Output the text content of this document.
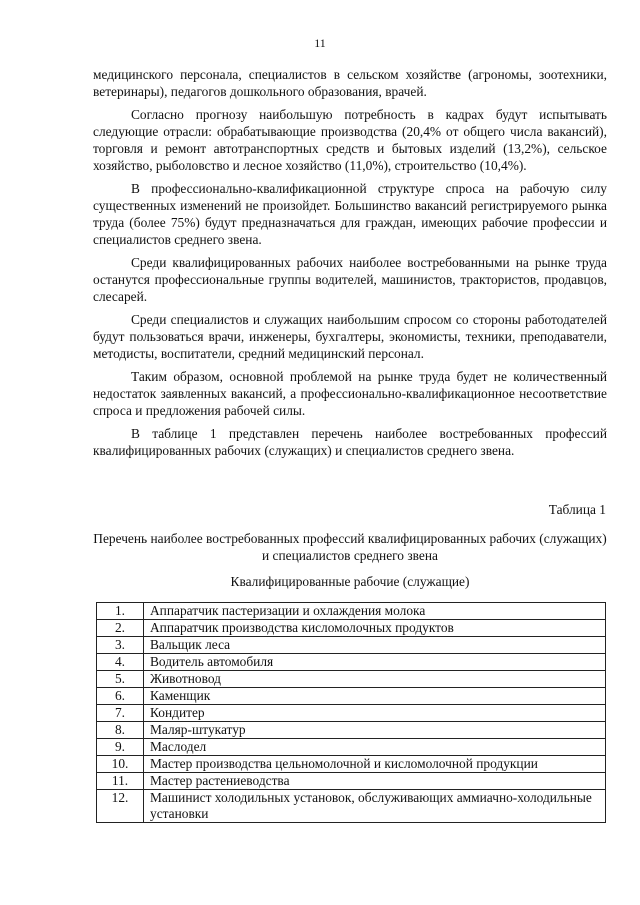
11

медицинского персонала, специалистов в сельском хозяйстве (агрономы, зоотехники, ветеринары), педагогов дошкольного образования, врачей.

Согласно прогнозу наибольшую потребность в кадрах будут испытывать следующие отрасли: обрабатывающие производства (20,4% от общего числа вакансий), торговля и ремонт автотранспортных средств и бытовых изделий (13,2%), сельское хозяйство, рыболовство и лесное хозяйство (11,0%), строительство (10,4%).

В профессионально-квалификационной структуре спроса на рабочую силу существенных изменений не произойдет. Большинство вакансий регистрируемого рынка труда (более 75%) будут предназначаться для граждан, имеющих рабочие профессии и специалистов среднего звена.

Среди квалифицированных рабочих наиболее востребованными на рынке труда останутся профессиональные группы водителей, машинистов, трактористов, продавцов, слесарей.

Среди специалистов и служащих наибольшим спросом со стороны работодателей будут пользоваться врачи, инженеры, бухгалтеры, экономисты, техники, преподаватели, методисты, воспитатели, средний медицинский персонал.

Таким образом, основной проблемой на рынке труда будет не количественный недостаток заявленных вакансий, а профессионально-квалификационное несоответствие спроса и предложения рабочей силы.

В таблице 1 представлен перечень наиболее востребованных профессий квалифицированных рабочих (служащих) и специалистов среднего звена.

Таблица 1
Перечень наиболее востребованных профессий квалифицированных рабочих (служащих) и специалистов среднего звена
Квалифицированные рабочие (служащие)
1.	Аппаратчик пастеризации и охлаждения молока
2.	Аппаратчик производства кисломолочных продуктов
3.	Вальщик леса
4.	Водитель автомобиля
5.	Животновод
6.	Каменщик
7.	Кондитер
8.	Маляр-штукатур
9.	Маслодел
10.	Мастер производства цельномолочной и кисломолочной продукции
11.	Мастер растениеводства
12.	Машинист холодильных установок, обслуживающих аммиачно-холодильные установки
